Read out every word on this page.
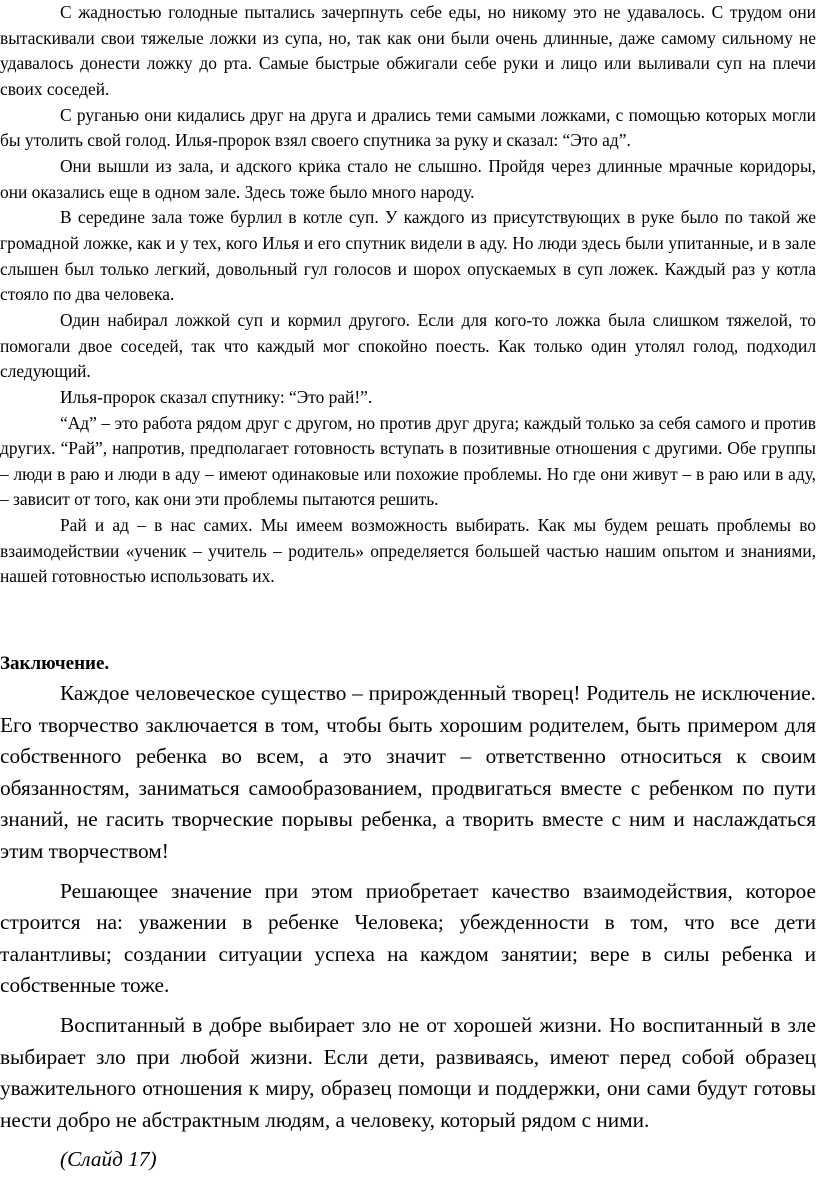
С жадностью голодные пытались зачерпнуть себе еды, но никому это не удавалось. С трудом они вытаскивали свои тяжелые ложки из супа, но, так как они были очень длинные, даже самому сильному не удавалось донести ложку до рта. Самые быстрые обжигали себе руки и лицо или выливали суп на плечи своих соседей.

С руганью они кидались друг на друга и дрались теми самыми ложками, с помощью которых могли бы утолить свой голод. Илья-пророк взял своего спутника за руку и сказал: “Это ад”.

Они вышли из зала, и адского крика стало не слышно. Пройдя через длинные мрачные коридоры, они оказались еще в одном зале. Здесь тоже было много народу.

В середине зала тоже бурлил в котле суп. У каждого из присутствующих в руке было по такой же громадной ложке, как и у тех, кого Илья и его спутник видели в аду. Но люди здесь были упитанные, и в зале слышен был только легкий, довольный гул голосов и шорох опускаемых в суп ложек. Каждый раз у котла стояло по два человека.

Один набирал ложкой суп и кормил другого. Если для кого-то ложка была слишком тяжелой, то помогали двое соседей, так что каждый мог спокойно поесть. Как только один утолял голод, подходил следующий.

Илья-пророк сказал спутнику: “Это рай!”.

“Ад” – это работа рядом друг с другом, но против друг друга; каждый только за себя самого и против других. “Рай”, напротив, предполагает готовность вступать в позитивные отношения с другими. Обе группы – люди в раю и люди в аду – имеют одинаковые или похожие проблемы. Но где они живут – в раю или в аду, – зависит от того, как они эти проблемы пытаются решить.

Рай и ад – в нас самих. Мы имеем возможность выбирать. Как мы будем решать проблемы во взаимодействии «ученик – учитель – родитель» определяется большей частью нашим опытом и знаниями, нашей готовностью использовать их.

Заключение.

Каждое человеческое существо – прирожденный творец! Родитель не исключение. Его творчество заключается в том, чтобы быть хорошим родителем, быть примером для собственного ребенка во всем, а это значит – ответственно относиться к своим обязанностям, заниматься самообразованием, продвигаться вместе с ребенком по пути знаний, не гасить творческие порывы ребенка, а творить вместе с ним и наслаждаться этим творчеством!

Решающее значение при этом приобретает качество взаимодействия, которое строится на: уважении в ребенке Человека; убежденности в том, что все дети талантливы; создании ситуации успеха на каждом занятии; вере в силы ребенка и собственные тоже.

Воспитанный в добре выбирает зло не от хорошей жизни. Но воспитанный в зле выбирает зло при любой жизни. Если дети, развиваясь, имеют перед собой образец уважительного отношения к миру, образец помощи и поддержки, они сами будут готовы нести добро не абстрактным людям, а человеку, который рядом с ними.

(Слайд 17)
